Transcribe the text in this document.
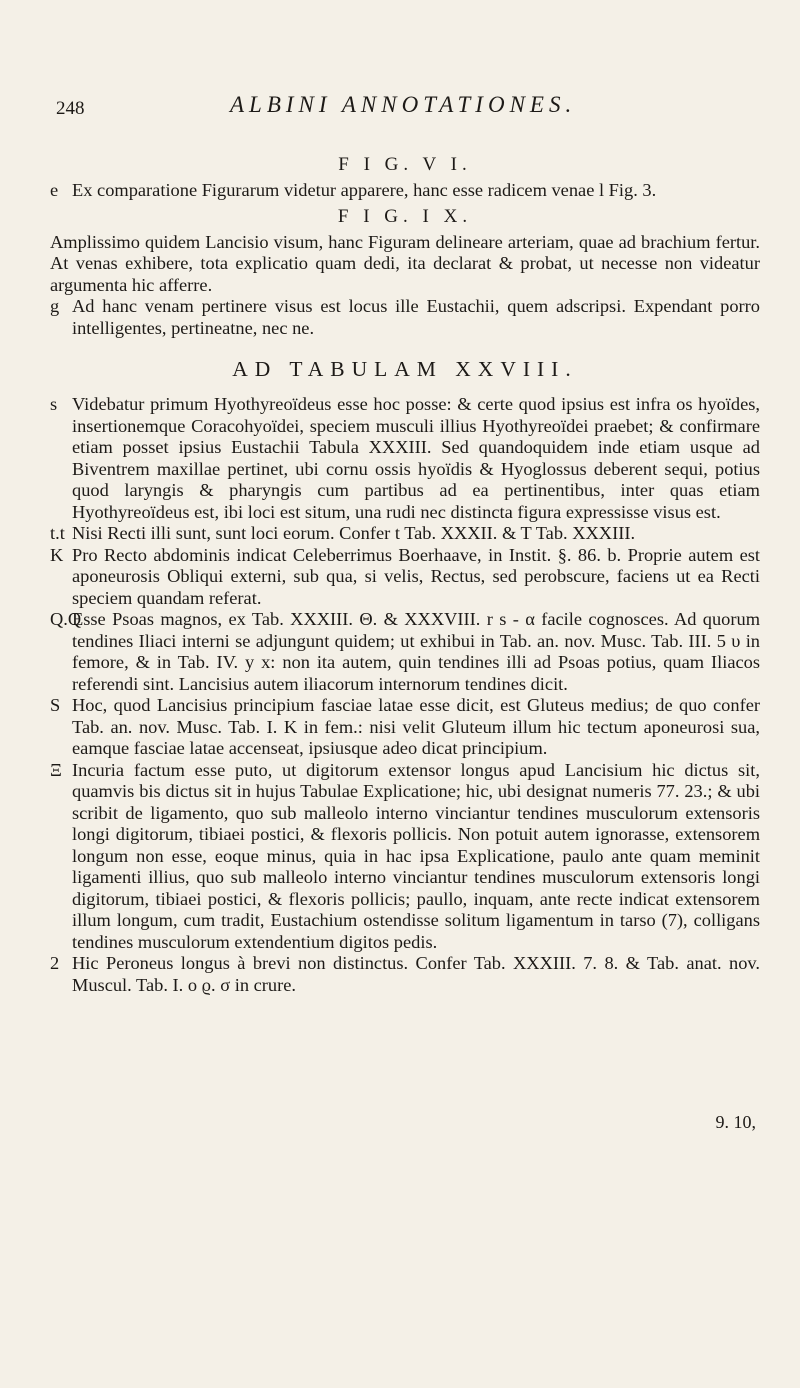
248	ALBINI ANNOTATIONES.
F I G. V I.
e Ex comparatione Figurarum videtur apparere, hanc esse radicem venae l Fig. 3.
F I G. I X.

Amplissimo quidem Lancisio visum, hanc Figuram delineare arteriam, quae ad brachium fertur. At venas exhibere, tota explicatio quam dedi, ita declarat & probat, ut necesse non videatur argumenta hic afferre.

g Ad hanc venam pertinere visus est locus ille Eustachii, quem adscripsi. Expendant porro intelligentes, pertineatne, nec ne.
AD TABULAM XXVIII.
s Videbatur primum Hyothyreoïdeus esse hoc posse: & certe quod ipsius est infra os hyoïdes, insertionemque Coracohyoïdei, speciem musculi illius Hyothyreoïdei praebet; & confirmare etiam posset ipsius Eustachii Tabula XXXIII. Sed quandoquidem inde etiam usque ad Biventrem maxillae pertinet, ubi cornu ossis hyoïdis & Hyoglossus deberent sequi, potius quod laryngis & pharyngis cum partibus ad ea pertinentibus, inter quas etiam Hyothyreoïdeus est, ibi loci est situm, una rudi nec distincta figura expressisse visus est.
t.t Nisi Recti illi sunt, sunt loci eorum. Confer t Tab. XXXII. & T Tab. XXXIII.
K Pro Recto abdominis indicat Celeberrimus Boerhaave, in Instit. §. 86. b. Proprie autem est aponeurosis Obliqui externi, sub qua, si velis, Rectus, sed perobscure, faciens ut ea Recti speciem quandam referat.
Q.Q
Esse Psoas magnos, ex Tab. XXXIII. Θ. & XXXVIII. r s - α facile cognosces. Ad quorum tendines Iliaci interni se adjungunt quidem; ut exhibui in Tab. an. nov. Musc. Tab. III. 5 υ in femore, & in Tab. IV. y x: non ita autem, quin tendines illi ad Psoas potius, quam Iliacos referendi sint. Lancisius autem iliacorum internorum tendines dicit.
S Hoc, quod Lancisius principium fasciae latae esse dicit, est Gluteus medius; de quo confer Tab. an. nov. Musc. Tab. I. K in fem.: nisi velit Gluteum illum hic tectum aponeurosi sua, eamque fasciae latae accenseat, ipsiusque adeo dicat principium.
Ξ Incuria factum esse puto, ut digitorum extensor longus apud Lancisium hic dictus sit, quamvis bis dictus sit in hujus Tabulae Explicatione; hic, ubi designat numeris 77. 23.; & ubi scribit de ligamento, quo sub malleolo interno vinciantur tendines musculorum extensoris longi digitorum, tibiaei postici, & flexoris pollicis. Non potuit autem ignorasse, extensorem longum non esse, eoque minus, quia in hac ipsa Explicatione, paulo ante quam meminit ligamenti illius, quo sub malleolo interno vinciantur tendines musculorum extensoris longi digitorum, tibiaei postici, & flexoris pollicis; paullo, inquam, ante recte indicat extensorem illum longum, cum tradit, Eustachium ostendisse solitum ligamentum in tarso (7), colligans tendines musculorum extendentium digitos pedis.
2 Hic Peroneus longus à brevi non distinctus. Confer Tab. XXXIII. 7. 8. & Tab. anat. nov. Muscul. Tab. I. o ϱ. σ in crure.
9. 10,
